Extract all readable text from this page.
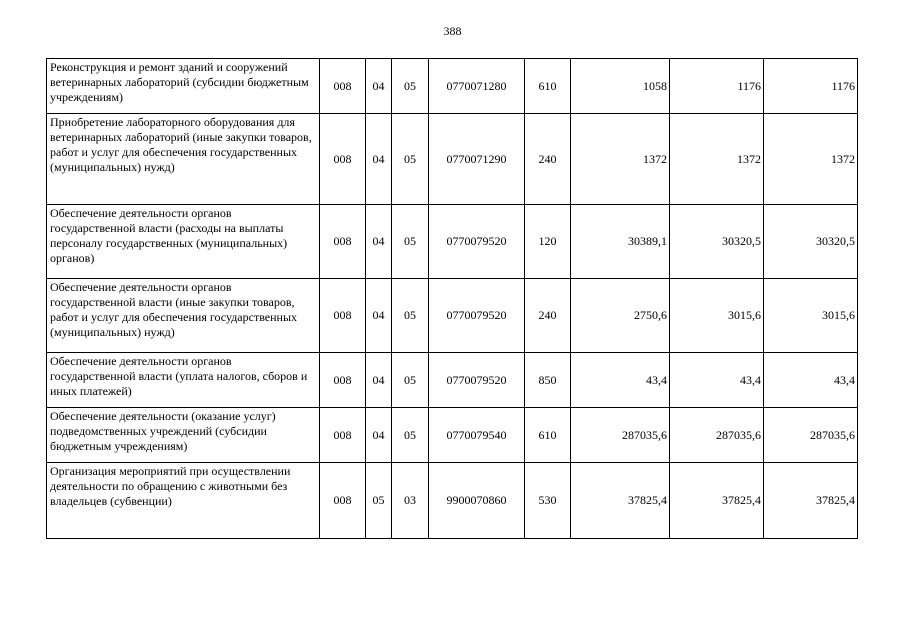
388
Реконструкция и ремонт зданий и сооружений ветеринарных лабораторий (субсидии бюджетным учреждениям)	008	04	05	0770071280	610	1058	1176	1176
Приобретение лабораторного оборудования для ветеринарных лабораторий (иные закупки товаров, работ и услуг для обеспечения государственных (муниципальных) нужд)	008	04	05	0770071290	240	1372	1372	1372
Обеспечение деятельности органов государственной власти (расходы на выплаты персоналу государственных (муниципальных) органов)	008	04	05	0770079520	120	30389,1	30320,5	30320,5
Обеспечение деятельности органов государственной власти (иные закупки товаров, работ и услуг для обеспечения государственных (муниципальных) нужд)	008	04	05	0770079520	240	2750,6	3015,6	3015,6
Обеспечение деятельности органов государственной власти (уплата налогов, сборов и иных платежей)	008	04	05	0770079520	850	43,4	43,4	43,4
Обеспечение деятельности (оказание услуг) подведомственных учреждений (субсидии бюджетным учреждениям)	008	04	05	0770079540	610	287035,6	287035,6	287035,6
Организация мероприятий при осуществлении деятельности по обращению с животными без владельцев (субвенции)	008	05	03	9900070860	530	37825,4	37825,4	37825,4
